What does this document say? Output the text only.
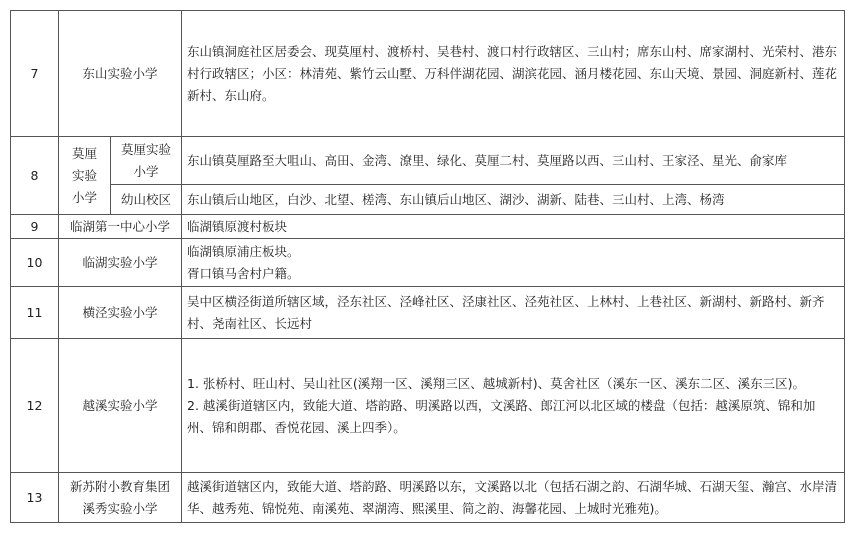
7	东山实验小学		东山镇洞庭社区居委会、现莫厘村、渡桥村、吴巷村、渡口村行政辖区、三山村；席东山村、席家湖村、光荣村、港东村行政辖区；小区：林清苑、紫竹云山墅、万科伴湖花园、湖滨花园、涵月楼花园、东山天境、景园、洞庭新村、莲花新村、东山府。
8	莫厘
实验
小学	莫厘实验小学	东山镇莫厘路至大咀山、高田、金湾、潦里、绿化、莫厘二村、莫厘路以西、三山村、王家泾、星光、俞家库
		幼山校区	东山镇后山地区，白沙、北望、槎湾、东山镇后山地区、湖沙、湖新、陆巷、三山村、上湾、杨湾
9	临湖第一中心小学		临湖镇原渡村板块
10	临湖实验小学		临湖镇原浦庄板块。
胥口镇马舍村户籍。

11	横泾实验小学		吴中区横泾街道所辖区域，泾东社区、泾峰社区、泾康社区、泾苑社区、上林村、上巷社区、新湖村、新路村、新齐村、尧南社区、长远村
12	越溪实验小学		1. 张桥村、旺山村、吴山社区(溪翔一区、溪翔三区、越城新村)、莫舍社区（溪东一区、溪东二区、溪东三区)。
2. 越溪街道辖区内，致能大道、塔韵路、明溪路以西，文溪路、郎江河以北区域的楼盘（包括：越溪原筑、锦和加州、锦和朗郡、香悦花园、溪上四季）。

13	新苏附小教育集团
溪秀实验小学		越溪街道辖区内，致能大道、塔韵路、明溪路以东，文溪路以北（包括石湖之韵、石湖华城、石湖天玺、瀚宫、水岸清华、越秀苑、锦悦苑、南溪苑、翠湖湾、熙溪里、简之韵、海馨花园、上城时光雅苑)。
